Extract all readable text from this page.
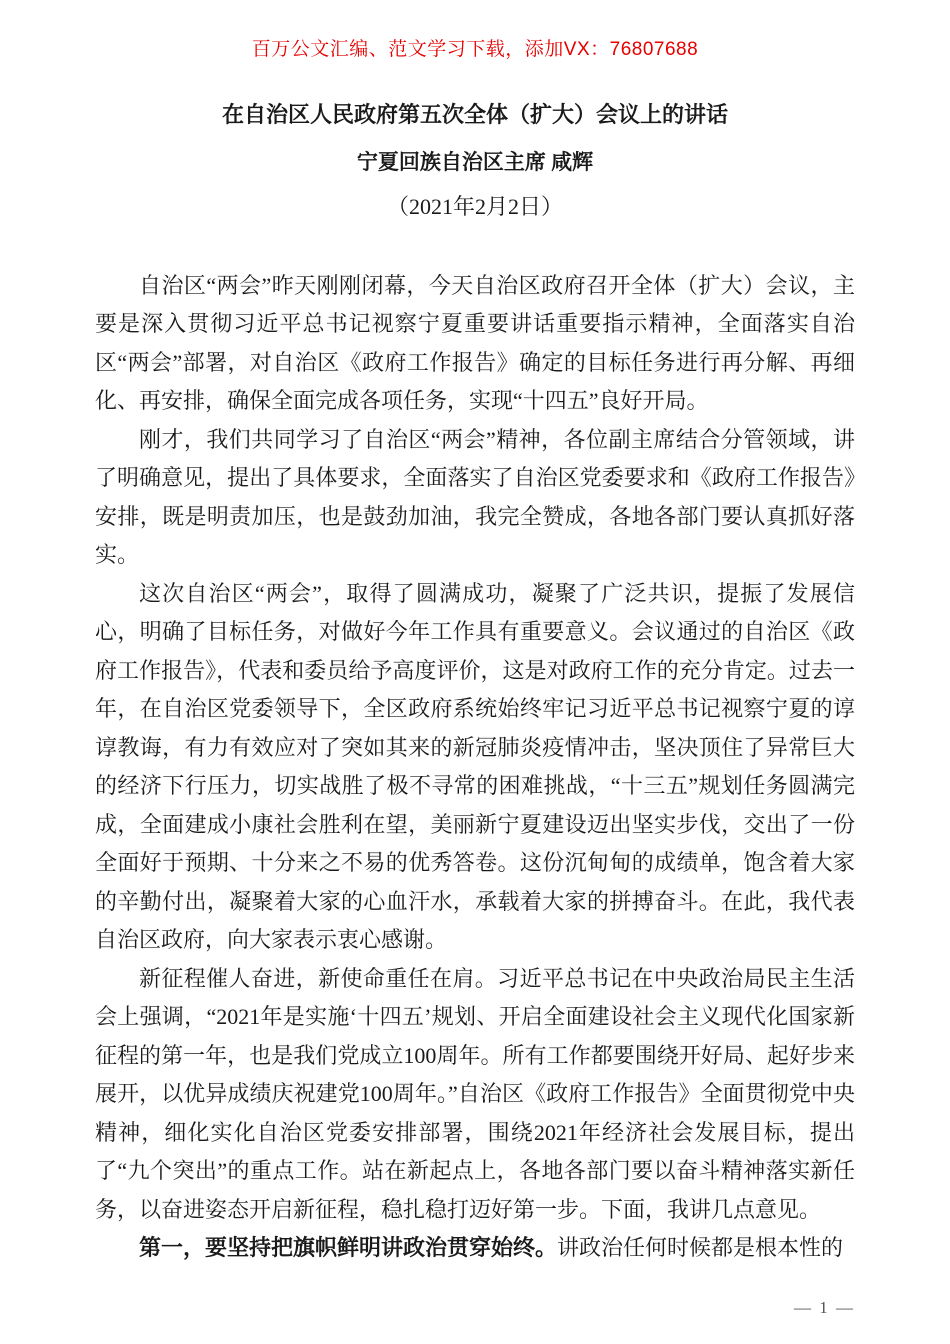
百万公文汇编、范文学习下载，添加VX：76807688
在自治区人民政府第五次全体（扩大）会议上的讲话
宁夏回族自治区主席 咸辉
（2021年2月2日）

自治区“两会”昨天刚刚闭幕，今天自治区政府召开全体（扩大）会议，主要是深入贯彻习近平总书记视察宁夏重要讲话重要指示精神，全面落实自治区“两会”部署，对自治区《政府工作报告》确定的目标任务进行再分解、再细化、再安排，确保全面完成各项任务，实现“十四五”良好开局。

刚才，我们共同学习了自治区“两会”精神，各位副主席结合分管领域，讲了明确意见，提出了具体要求，全面落实了自治区党委要求和《政府工作报告》安排，既是明责加压，也是鼓劲加油，我完全赞成，各地各部门要认真抓好落实。

这次自治区“两会”，取得了圆满成功，凝聚了广泛共识，提振了发展信心，明确了目标任务，对做好今年工作具有重要意义。会议通过的自治区《政府工作报告》，代表和委员给予高度评价，这是对政府工作的充分肯定。过去一年，在自治区党委领导下，全区政府系统始终牢记习近平总书记视察宁夏的谆谆教诲，有力有效应对了突如其来的新冠肺炎疫情冲击，坚决顶住了异常巨大的经济下行压力，切实战胜了极不寻常的困难挑战，“十三五”规划任务圆满完成，全面建成小康社会胜利在望，美丽新宁夏建设迈出坚实步伐，交出了一份全面好于预期、十分来之不易的优秀答卷。这份沉甸甸的成绩单，饱含着大家的辛勤付出，凝聚着大家的心血汗水，承载着大家的拼搏奋斗。在此，我代表自治区政府，向大家表示衷心感谢。

新征程催人奋进，新使命重任在肩。习近平总书记在中央政治局民主生活会上强调，“2021年是实施‘十四五’规划、开启全面建设社会主义现代化国家新征程的第一年，也是我们党成立100周年。所有工作都要围绕开好局、起好步来展开，以优异成绩庆祝建党100周年。”自治区《政府工作报告》全面贯彻党中央精神，细化实化自治区党委安排部署，围绕2021年经济社会发展目标，提出了“九个突出”的重点工作。站在新起点上，各地各部门要以奋斗精神落实新任务，以奋进姿态开启新征程，稳扎稳打迈好第一步。下面，我讲几点意见。

第一，要坚持把旗帜鲜明讲政治贯穿始终。讲政治任何时候都是根本性的

— 1 —
